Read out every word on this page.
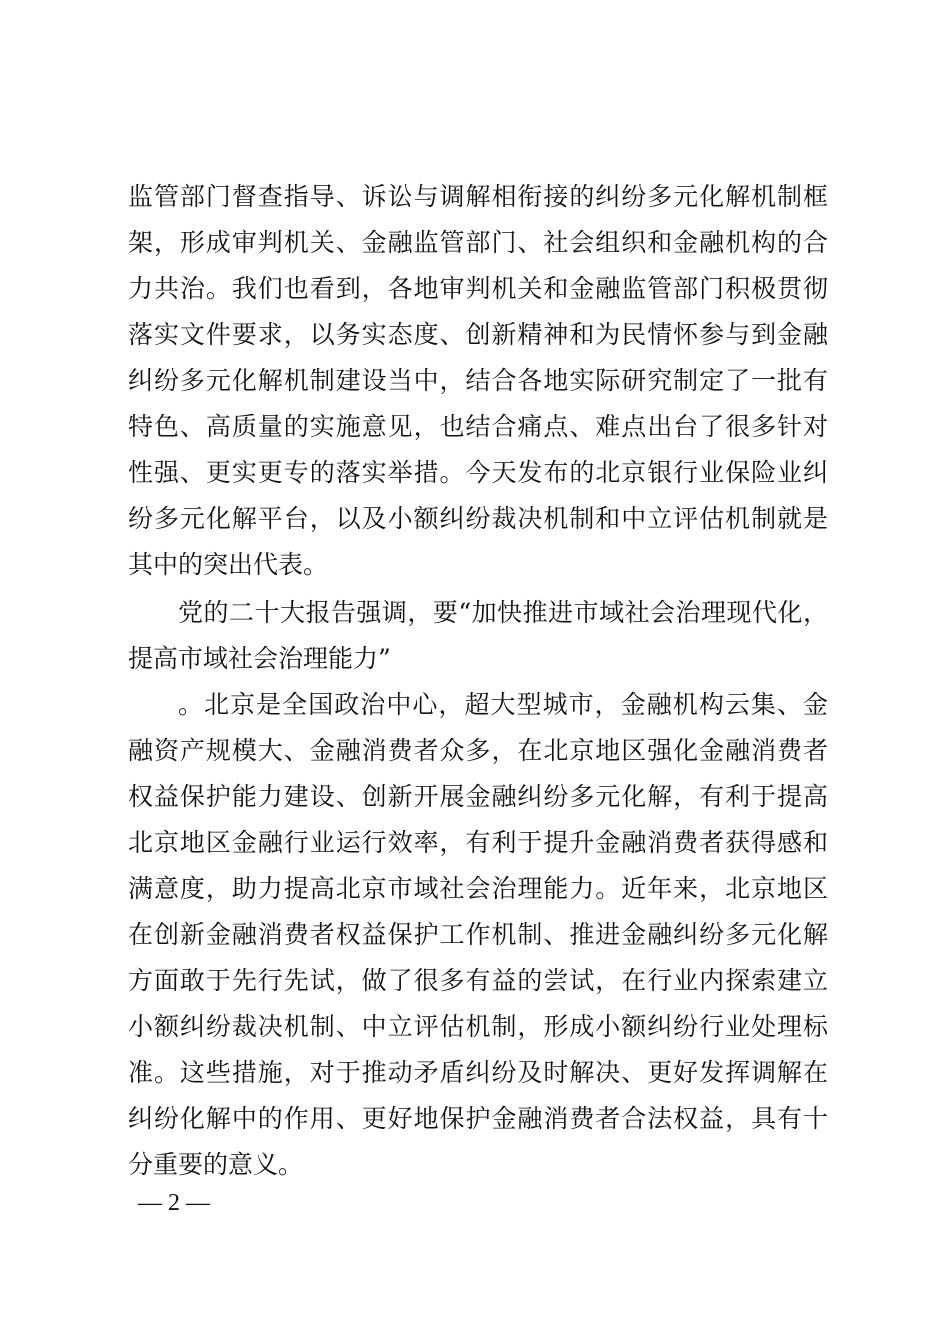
监管部门督查指导、诉讼与调解相衔接的纠纷多元化解机制框
架，形成审判机关、金融监管部门、社会组织和金融机构的合
力共治。我们也看到，各地审判机关和金融监管部门积极贯彻
落实文件要求，以务实态度、创新精神和为民情怀参与到金融
纠纷多元化解机制建设当中，结合各地实际研究制定了一批有
特色、高质量的实施意见，也结合痛点、难点出台了很多针对
性强、更实更专的落实举措。今天发布的北京银行业保险业纠
纷多元化解平台，以及小额纠纷裁决机制和中立评估机制就是
其中的突出代表。
党的二十大报告强调，要“加快推进市域社会治理现代化，
提高市域社会治理能力”
。北京是全国政治中心，超大型城市，金融机构云集、金
融资产规模大、金融消费者众多，在北京地区强化金融消费者
权益保护能力建设、创新开展金融纠纷多元化解，有利于提高
北京地区金融行业运行效率，有利于提升金融消费者获得感和
满意度，助力提高北京市域社会治理能力。近年来，北京地区
在创新金融消费者权益保护工作机制、推进金融纠纷多元化解
方面敢于先行先试，做了很多有益的尝试，在行业内探索建立
小额纠纷裁决机制、中立评估机制，形成小额纠纷行业处理标
准。这些措施，对于推动矛盾纠纷及时解决、更好发挥调解在
纠纷化解中的作用、更好地保护金融消费者合法权益，具有十
分重要的意义。
— 2 —
